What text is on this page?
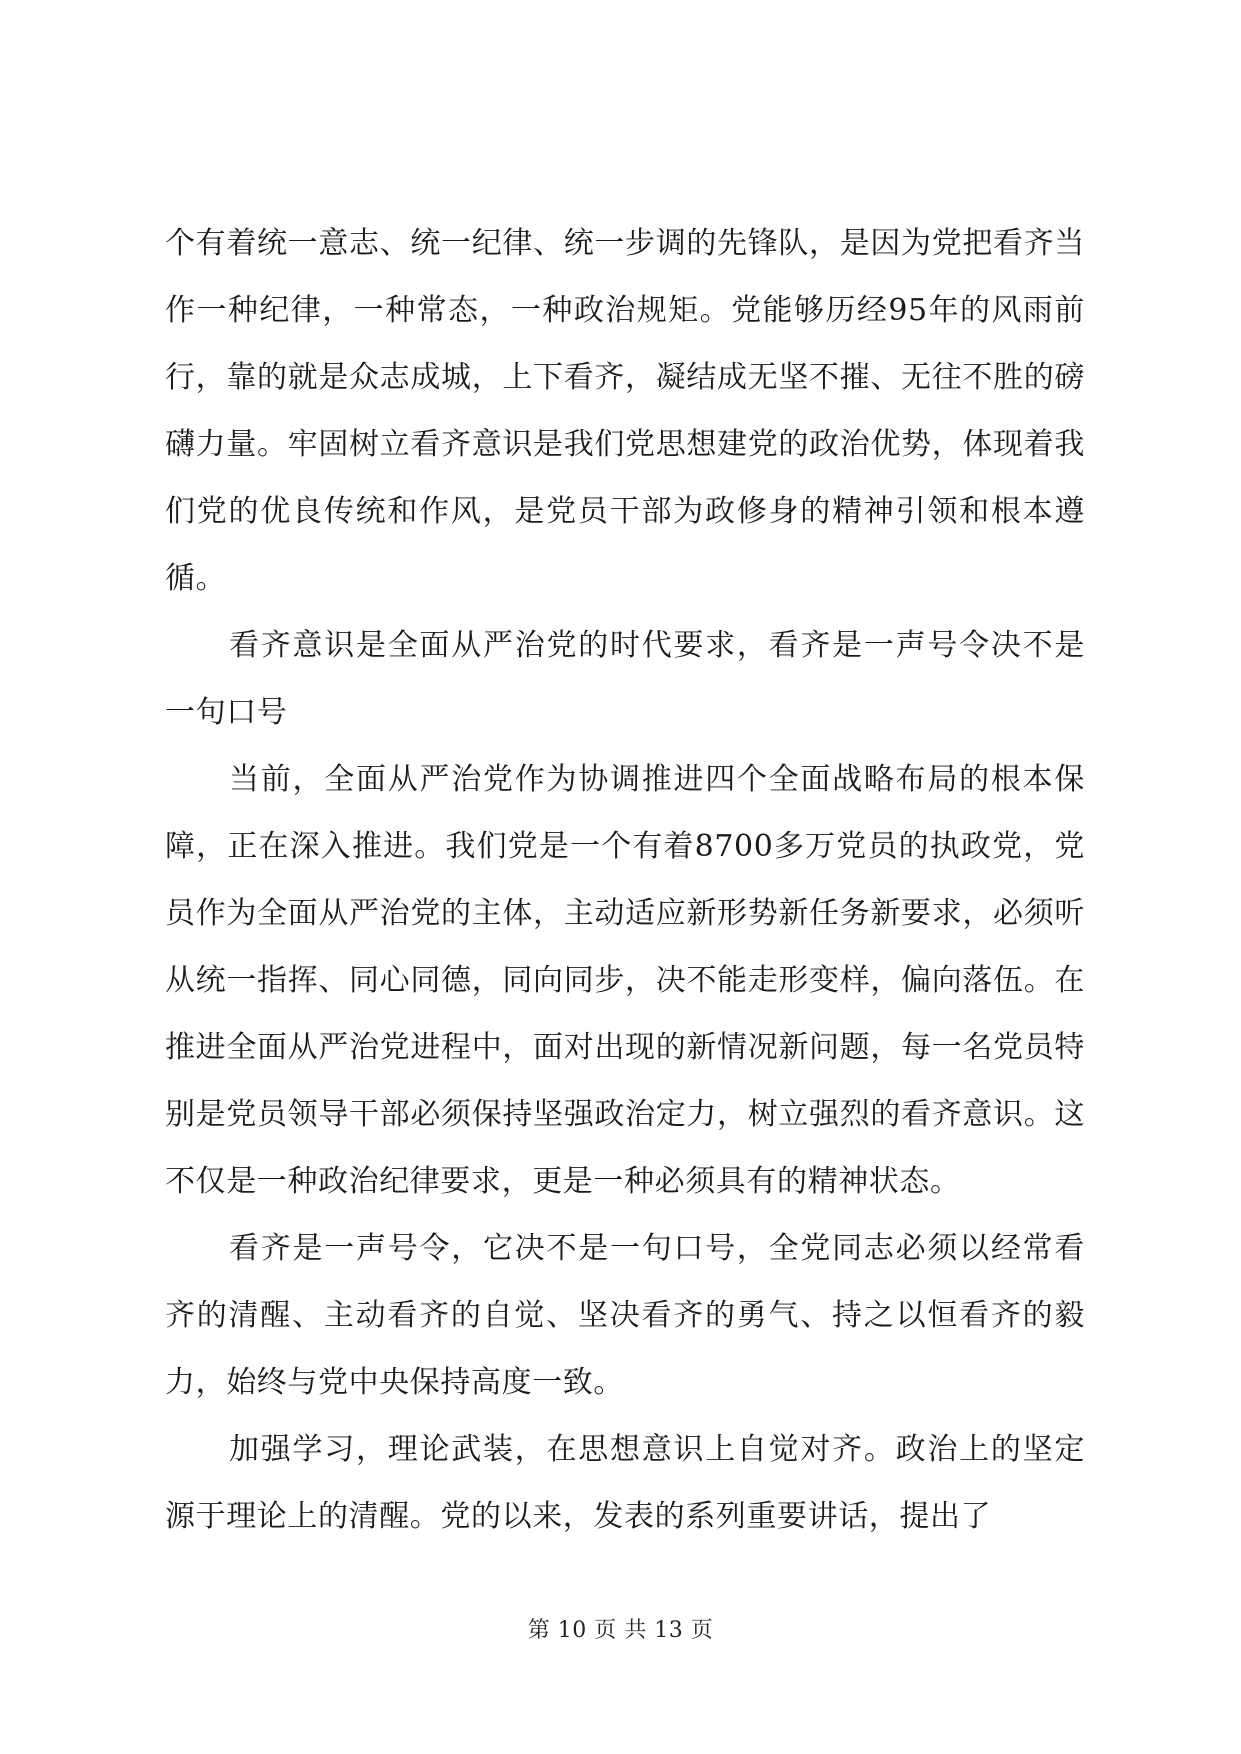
个有着统一意志、统一纪律、统一步调的先锋队，是因为党把看齐当作一种纪律，一种常态，一种政治规矩。党能够历经95年的风雨前行，靠的就是众志成城，上下看齐，凝结成无坚不摧、无往不胜的磅礴力量。牢固树立看齐意识是我们党思想建党的政治优势，体现着我们党的优良传统和作风，是党员干部为政修身的精神引领和根本遵循。

看齐意识是全面从严治党的时代要求，看齐是一声号令决不是一句口号

当前，全面从严治党作为协调推进四个全面战略布局的根本保障，正在深入推进。我们党是一个有着8700多万党员的执政党，党员作为全面从严治党的主体，主动适应新形势新任务新要求，必须听从统一指挥、同心同德，同向同步，决不能走形变样，偏向落伍。在推进全面从严治党进程中，面对出现的新情况新问题，每一名党员特别是党员领导干部必须保持坚强政治定力，树立强烈的看齐意识。这不仅是一种政治纪律要求，更是一种必须具有的精神状态。

看齐是一声号令，它决不是一句口号，全党同志必须以经常看齐的清醒、主动看齐的自觉、坚决看齐的勇气、持之以恒看齐的毅力，始终与党中央保持高度一致。

加强学习，理论武装，在思想意识上自觉对齐。政治上的坚定源于理论上的清醒。党的以来，发表的系列重要讲话，提出了

第 10 页 共 13 页
